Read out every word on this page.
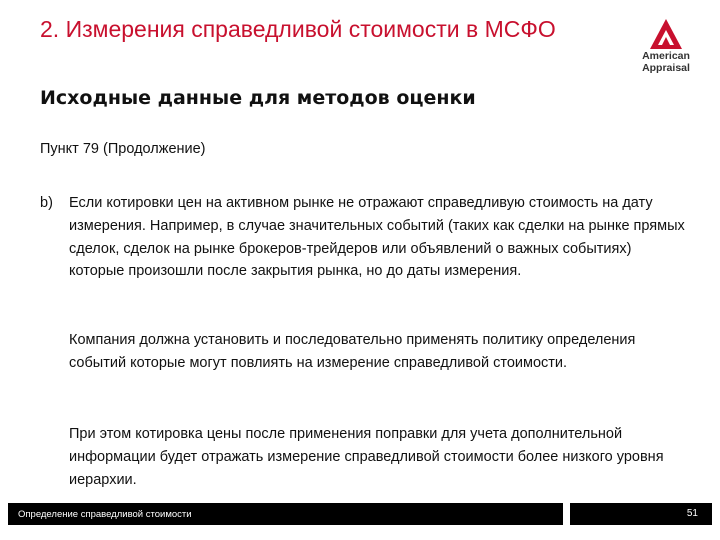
2. Измерения справедливой стоимости в МСФО
American
Appraisal
Исходные данные для методов оценки
Пункт 79 (Продолжение)
b) Если котировки цен на активном рынке не отражают справедливую стоимость на дату измерения. Например, в случае значительных событий (таких как сделки на рынке прямых сделок, сделок на рынке брокеров-трейдеров или объявлений о важных событиях) которые произошли после закрытия рынка, но до даты измерения.
Компания должна установить и последовательно применять политику определения событий которые могут повлиять на измерение справедливой стоимости.
При этом котировка цены после применения поправки для учета дополнительной информации будет отражать измерение справедливой стоимости более низкого уровня иерархии.
Определение справедливой стоимости	51
